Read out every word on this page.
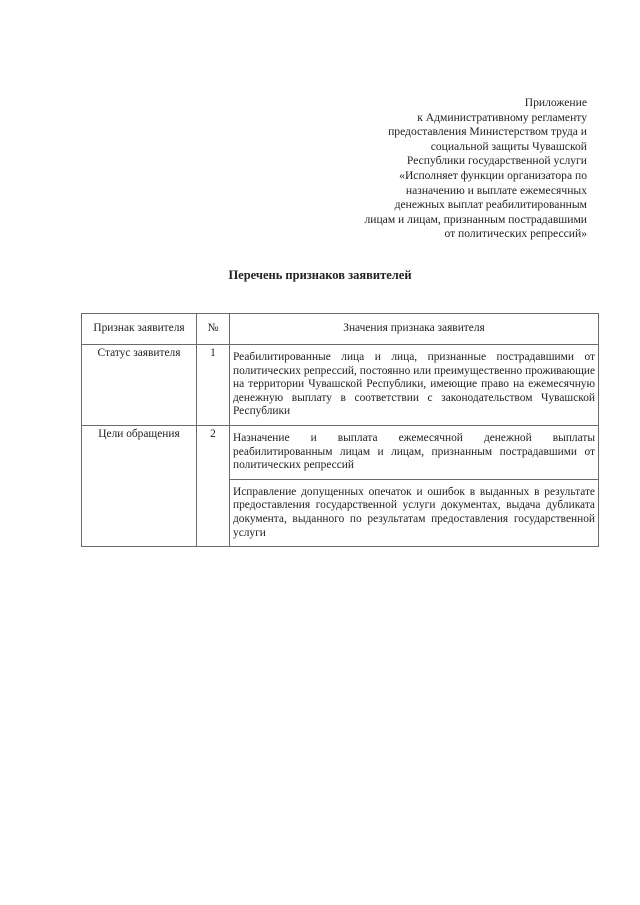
Приложение
к Административному регламенту
предоставления Министерством труда и
социальной защиты Чувашской
Республики государственной услуги
«Исполняет функции организатора по
назначению и выплате ежемесячных
денежных выплат реабилитированным
лицам и лицам, признанным пострадавшими
от политических репрессий»
Перечень признаков заявителей
Признак заявителя	№	Значения признака заявителя
Статус заявителя	1	Реабилитированные лица и лица, признанные пострадавшими от политических репрессий, постоянно или преимущественно проживающие на территории Чувашской Республики, имеющие право на ежемесячную денежную выплату в соответствии с законодательством Чувашской Республики
Цели обращения	2	Назначение и выплата ежемесячной денежной выплаты реабилитированным лицам и лицам, признанным пострадавшими от политических репрессий
		Исправление допущенных опечаток и ошибок в выданных в результате предоставления государственной услуги документах, выдача дубликата документа, выданного по результатам предоставления государственной услуги
